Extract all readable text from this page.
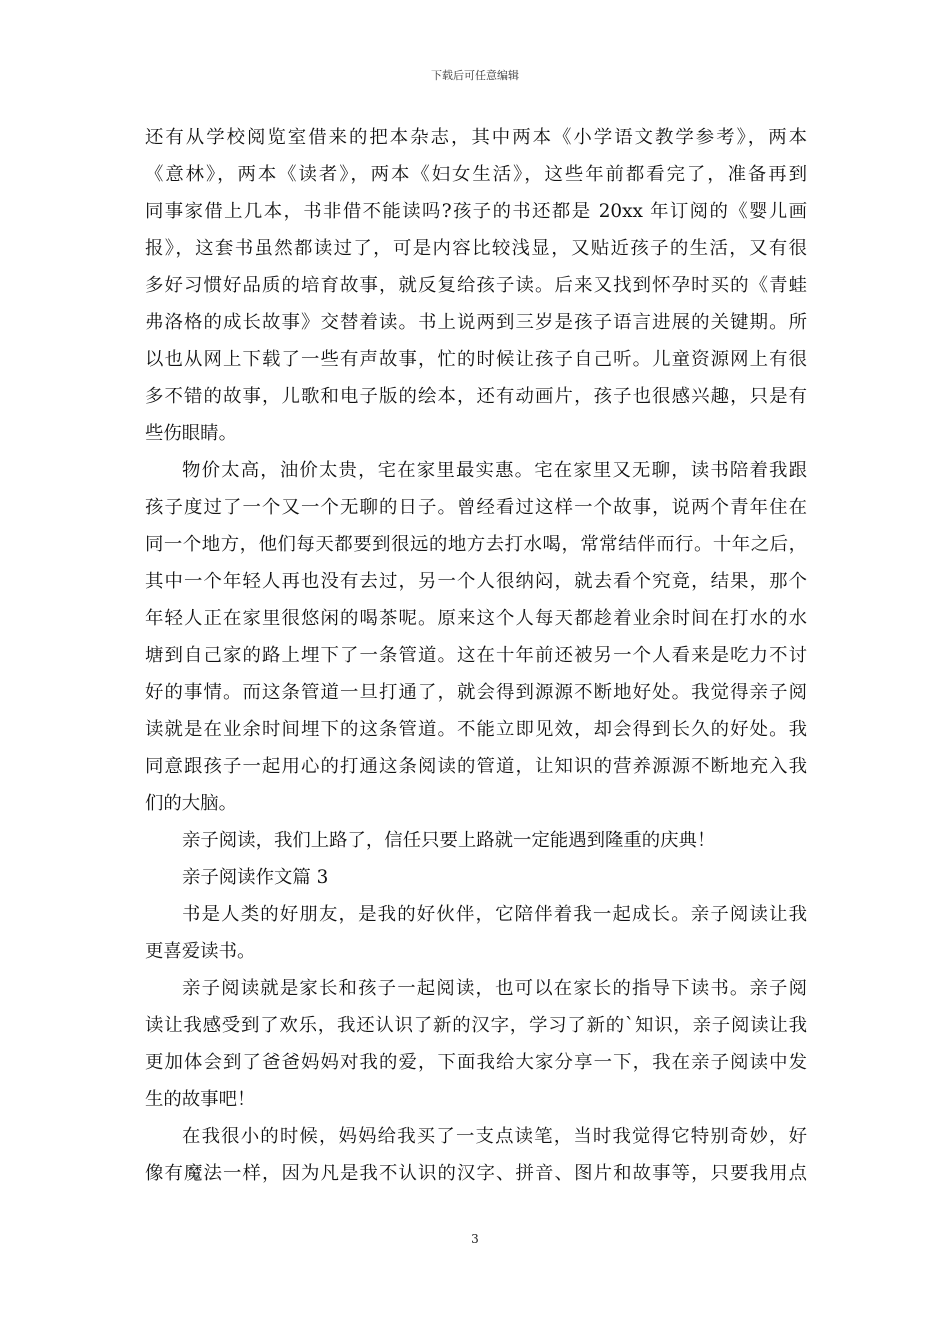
下载后可任意编辑
还有从学校阅览室借来的把本杂志，其中两本《小学语文教学参考》，两本
《意林》，两本《读者》，两本《妇女生活》，这些年前都看完了，准备再到
同事家借上几本，书非借不能读吗?孩子的书还都是 20xx 年订阅的《婴儿画
报》，这套书虽然都读过了，可是内容比较浅显，又贴近孩子的生活，又有很
多好习惯好品质的培育故事，就反复给孩子读。后来又找到怀孕时买的《青蛙
弗洛格的成长故事》交替着读。书上说两到三岁是孩子语言进展的关键期。所
以也从网上下载了一些有声故事，忙的时候让孩子自己听。儿童资源网上有很
多不错的故事，儿歌和电子版的绘本，还有动画片，孩子也很感兴趣，只是有
些伤眼睛。
物价太高，油价太贵，宅在家里最实惠。宅在家里又无聊，读书陪着我跟
孩子度过了一个又一个无聊的日子。曾经看过这样一个故事，说两个青年住在
同一个地方，他们每天都要到很远的地方去打水喝，常常结伴而行。十年之后，
其中一个年轻人再也没有去过，另一个人很纳闷，就去看个究竟，结果，那个
年轻人正在家里很悠闲的喝茶呢。原来这个人每天都趁着业余时间在打水的水
塘到自己家的路上埋下了一条管道。这在十年前还被另一个人看来是吃力不讨
好的事情。而这条管道一旦打通了，就会得到源源不断地好处。我觉得亲子阅
读就是在业余时间埋下的这条管道。不能立即见效，却会得到长久的好处。我
同意跟孩子一起用心的打通这条阅读的管道，让知识的营养源源不断地充入我
们的大脑。
亲子阅读，我们上路了，信任只要上路就一定能遇到隆重的庆典！
亲子阅读作文篇 3
书是人类的好朋友，是我的好伙伴，它陪伴着我一起成长。亲子阅读让我
更喜爱读书。
亲子阅读就是家长和孩子一起阅读，也可以在家长的指导下读书。亲子阅
读让我感受到了欢乐，我还认识了新的汉字，学习了新的`知识，亲子阅读让我
更加体会到了爸爸妈妈对我的爱，下面我给大家分享一下，我在亲子阅读中发
生的故事吧！
在我很小的时候，妈妈给我买了一支点读笔，当时我觉得它特别奇妙，好
像有魔法一样，因为凡是我不认识的汉字、拼音、图片和故事等，只要我用点
3
